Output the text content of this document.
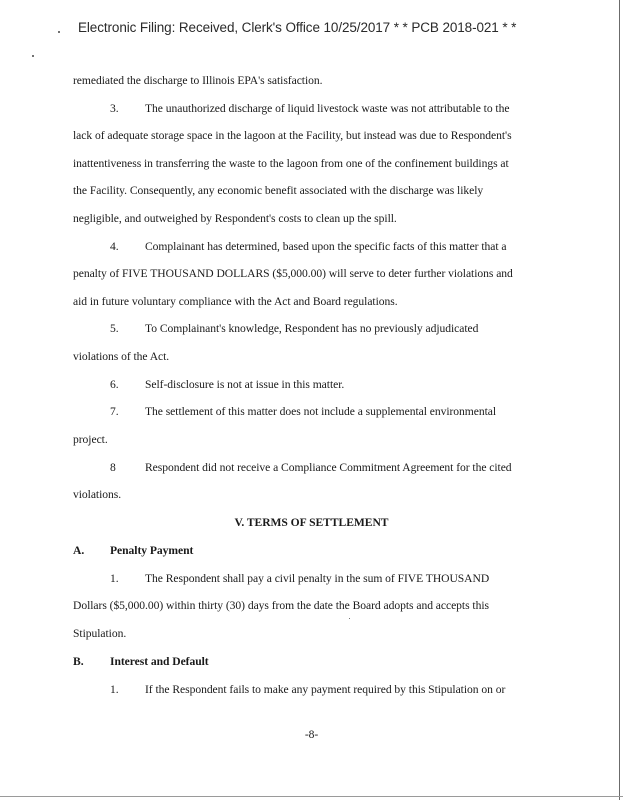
Electronic Filing: Received, Clerk's Office 10/25/2017 * * PCB 2018-021 * *
remediated the discharge to Illinois EPA's satisfaction.
3. The unauthorized discharge of liquid livestock waste was not attributable to the
lack of adequate storage space in the lagoon at the Facility, but instead was due to Respondent's
inattentiveness in transferring the waste to the lagoon from one of the confinement buildings at
the Facility. Consequently, any economic benefit associated with the discharge was likely
negligible, and outweighed by Respondent's costs to clean up the spill.
4. Complainant has determined, based upon the specific facts of this matter that a
penalty of FIVE THOUSAND DOLLARS ($5,000.00) will serve to deter further violations and
aid in future voluntary compliance with the Act and Board regulations.
5. To Complainant's knowledge, Respondent has no previously adjudicated
violations of the Act.
6. Self-disclosure is not at issue in this matter.
7. The settlement of this matter does not include a supplemental environmental
project.
8	Respondent did not receive a Compliance Commitment Agreement for the cited
violations.
V. TERMS OF SETTLEMENT
A. Penalty Payment
1. The Respondent shall pay a civil penalty in the sum of FIVE THOUSAND
Dollars ($5,000.00) within thirty (30) days from the date the Board adopts and accepts this
Stipulation.
B. Interest and Default
1. If the Respondent fails to make any payment required by this Stipulation on or
-8-
